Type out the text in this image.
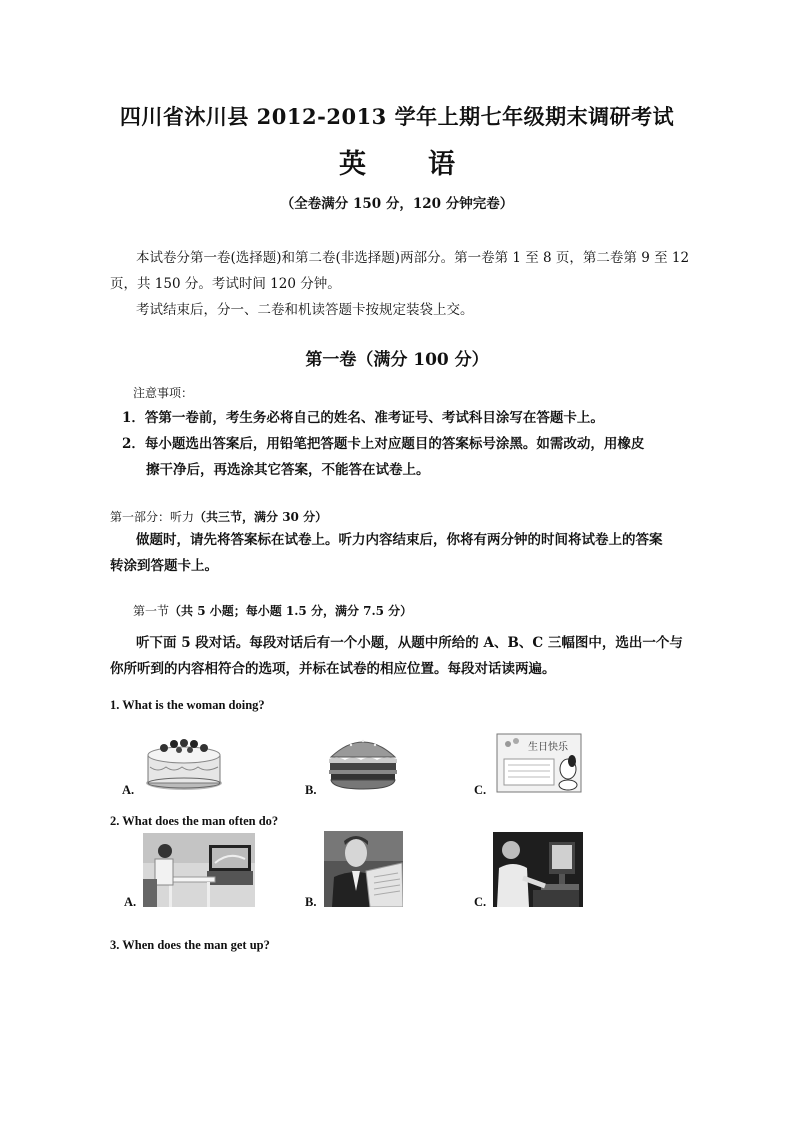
四川省沐川县 2012-2013 学年上期七年级期末调研考试
英 语
（全卷满分 150 分，120 分钟完卷）
本试卷分第一卷(选择题)和第二卷(非选择题)两部分。第一卷第 1 至 8 页，第二卷第 9 至 12
页，共 150 分。考试时间 120 分钟。
考试结束后，分一、二卷和机读答题卡按规定装袋上交。
第一卷（满分 100 分）
注意事项：
1．答第一卷前，考生务必将自己的姓名、准考证号、考试科目涂写在答题卡上。
2．每小题选出答案后，用铅笔把答题卡上对应题目的答案标号涂黑。如需改动，用橡皮
擦干净后，再选涂其它答案，不能答在试卷上。
第一部分：听力（共三节，满分 30 分）
做题时，请先将答案标在试卷上。听力内容结束后，你将有两分钟的时间将试卷上的答案
转涂到答题卡上。
第一节（共 5 小题；每小题 1.5 分，满分 7.5 分）
听下面 5 段对话。每段对话后有一个小题，从题中所给的 A、B、C 三幅图中，选出一个与
你所听到的内容相符合的选项，并标在试卷的相应位置。每段对话读两遍。
1. What is the woman doing?
A.	B.	C.
生日快乐
2. What does the man often do?
A.	B.	C.
3. When does the man get up?
